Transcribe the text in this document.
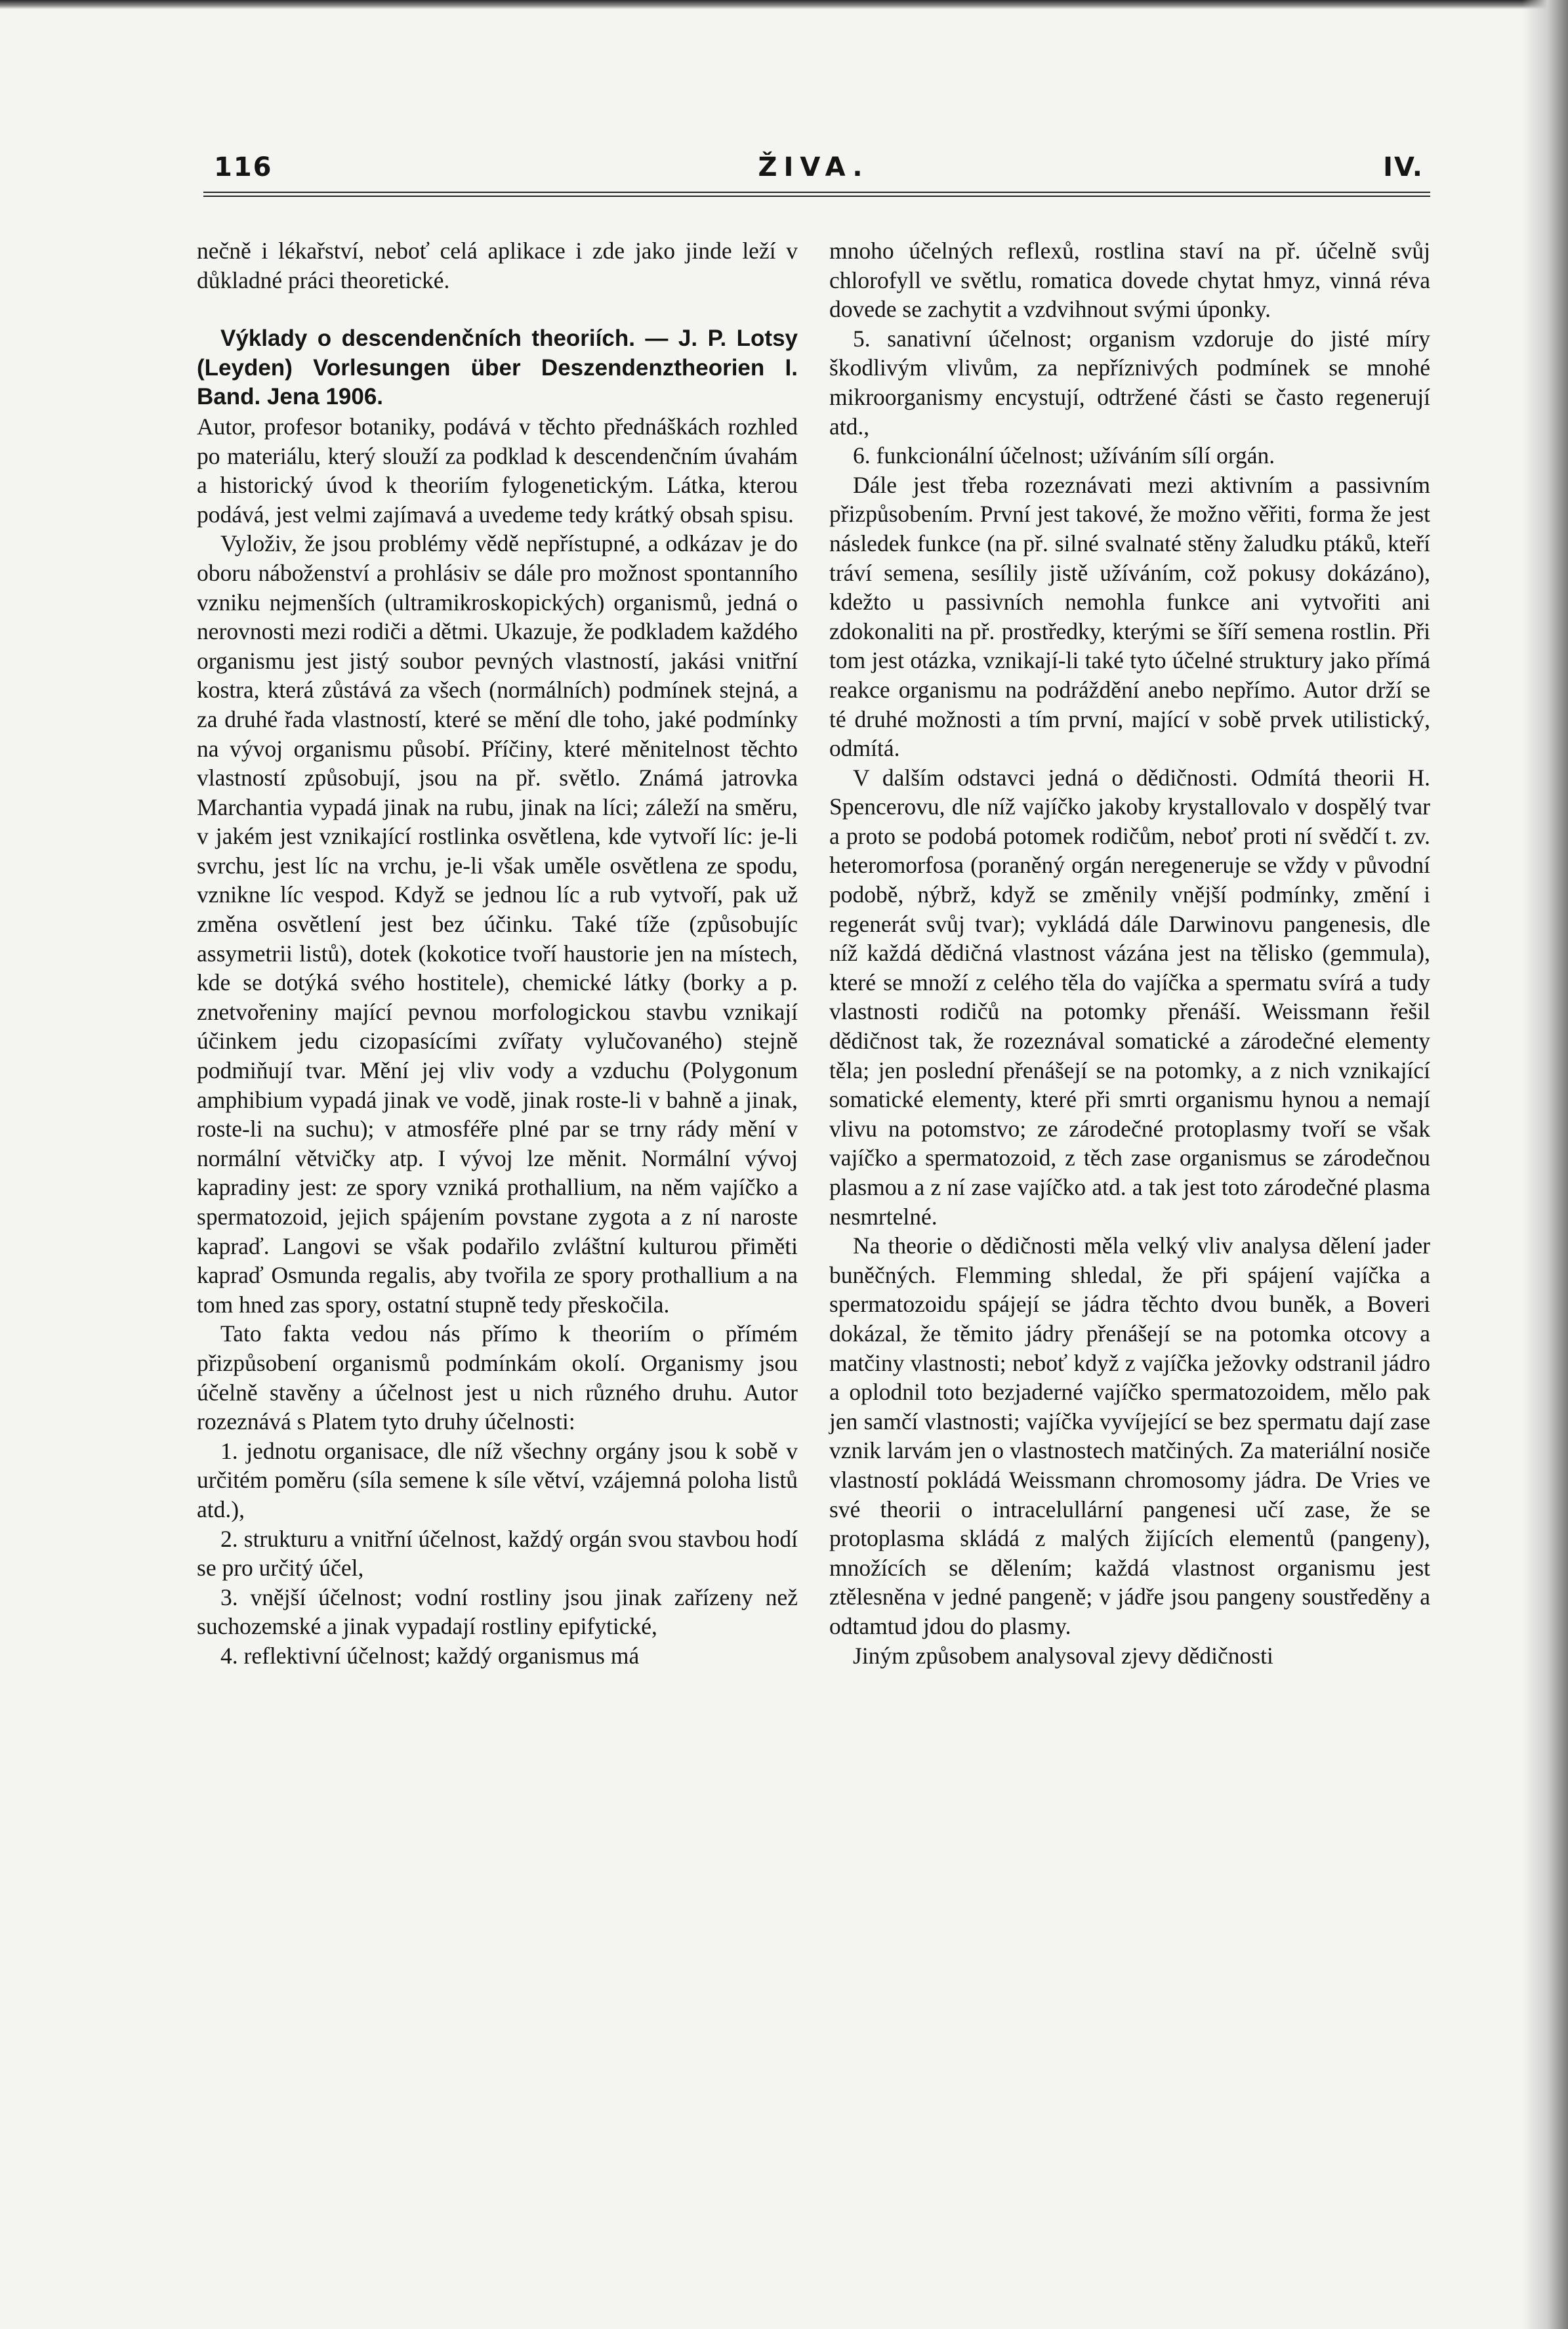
116	ŽIVA.	IV.

nečně i lékařství, neboť celá aplikace i zde jako jinde leží v důkladné práci theoretické.

Výklady o descendenčních theoriích. — J. P. Lotsy (Leyden) Vorlesungen über Deszendenztheorien I. Band. Jena 1906.

Autor, profesor botaniky, podává v těchto přednáškách rozhled po materiálu, který slouží za podklad k descendenčním úvahám a historický úvod k theoriím fylogenetickým. Látka, kterou podává, jest velmi zajímavá a uvedeme tedy krátký obsah spisu.

Vyloživ, že jsou problémy vědě nepřístupné, a odkázav je do oboru náboženství a prohlásiv se dále pro možnost spontanního vzniku nejmenších (ultramikroskopických) organismů, jedná o nerovnosti mezi rodiči a dětmi. Ukazuje, že podkladem každého organismu jest jistý soubor pevných vlastností, jakási vnitřní kostra, která zůstává za všech (normálních) podmínek stejná, a za druhé řada vlastností, které se mění dle toho, jaké podmínky na vývoj organismu působí. Příčiny, které měnitelnost těchto vlastností způsobují, jsou na př. světlo. Známá jatrovka Marchantia vypadá jinak na rubu, jinak na líci; záleží na směru, v jakém jest vznikající rostlinka osvětlena, kde vytvoří líc: je-li svrchu, jest líc na vrchu, je-li však uměle osvětlena ze spodu, vznikne líc vespod. Když se jednou líc a rub vytvoří, pak už změna osvětlení jest bez účinku. Také tíže (způsobujíc assymetrii listů), dotek (kokotice tvoří haustorie jen na místech, kde se dotýká svého hostitele), chemické látky (borky a p. znetvořeniny mající pevnou morfologickou stavbu vznikají účinkem jedu cizopasícími zvířaty vylučovaného) stejně podmiňují tvar. Mění jej vliv vody a vzduchu (Polygonum amphibium vypadá jinak ve vodě, jinak roste-li v bahně a jinak, roste-li na suchu); v atmosféře plné par se trny rády mění v normální větvičky atp. I vývoj lze měnit. Normální vývoj kapradiny jest: ze spory vzniká prothallium, na něm vajíčko a spermatozoid, jejich spájením povstane zygota a z ní naroste kapraď. Langovi se však podařilo zvláštní kulturou přiměti kapraď Osmunda regalis, aby tvořila ze spory prothallium a na tom hned zas spory, ostatní stupně tedy přeskočila.

Tato fakta vedou nás přímo k theoriím o přímém přizpůsobení organismů podmínkám okolí. Organismy jsou účelně stavěny a účelnost jest u nich různého druhu. Autor rozeznává s Platem tyto druhy účelnosti:

1. jednotu organisace, dle níž všechny orgány jsou k sobě v určitém poměru (síla semene k síle větví, vzájemná poloha listů atd.),

2. strukturu a vnitřní účelnost, každý orgán svou stavbou hodí se pro určitý účel,

3. vnější účelnost; vodní rostliny jsou jinak zařízeny než suchozemské a jinak vypadají rostliny epifytické,

4. reflektivní účelnost; každý organismus má

mnoho účelných reflexů, rostlina staví na př. účelně svůj chlorofyll ve světlu, romatica dovede chytat hmyz, vinná réva dovede se zachytit a vzdvihnout svými úponky.

5. sanativní účelnost; organism vzdoruje do jisté míry škodlivým vlivům, za nepříznivých podmínek se mnohé mikroorganismy encystují, odtržené části se často regenerují atd.,

6. funkcionální účelnost; užíváním sílí orgán.

Dále jest třeba rozeznávati mezi aktivním a passivním přizpůsobením. První jest takové, že možno věřiti, forma že jest následek funkce (na př. silné svalnaté stěny žaludku ptáků, kteří tráví semena, sesílily jistě užíváním, což pokusy dokázáno), kdežto u passivních nemohla funkce ani vytvořiti ani zdokonaliti na př. prostředky, kterými se šíří semena rostlin. Při tom jest otázka, vznikají-li také tyto účelné struktury jako přímá reakce organismu na podráždění anebo nepřímo. Autor drží se té druhé možnosti a tím první, mající v sobě prvek utilistický, odmítá.

V dalším odstavci jedná o dědičnosti. Odmítá theorii H. Spencerovu, dle níž vajíčko jakoby krystallovalo v dospělý tvar a proto se podobá potomek rodičům, neboť proti ní svědčí t. zv. heteromorfosa (poraněný orgán neregeneruje se vždy v původní podobě, nýbrž, když se změnily vnější podmínky, změní i regenerát svůj tvar); vykládá dále Darwinovu pangenesis, dle níž každá dědičná vlastnost vázána jest na tělisko (gemmula), které se množí z celého těla do vajíčka a spermatu svírá a tudy vlastnosti rodičů na potomky přenáší. Weissmann řešil dědičnost tak, že rozeznával somatické a zárodečné elementy těla; jen poslední přenášejí se na potomky, a z nich vznikající somatické elementy, které při smrti organismu hynou a nemají vlivu na potomstvo; ze zárodečné protoplasmy tvoří se však vajíčko a spermatozoid, z těch zase organismus se zárodečnou plasmou a z ní zase vajíčko atd. a tak jest toto zárodečné plasma nesmrtelné.

Na theorie o dědičnosti měla velký vliv analysa dělení jader buněčných. Flemming shledal, že při spájení vajíčka a spermatozoidu spájejí se jádra těchto dvou buněk, a Boveri dokázal, že těmito jádry přenášejí se na potomka otcovy a matčiny vlastnosti; neboť když z vajíčka ježovky odstranil jádro a oplodnil toto bezjaderné vajíčko spermatozoidem, mělo pak jen samčí vlastnosti; vajíčka vyvíjející se bez spermatu dají zase vznik larvám jen o vlastnostech matčiných. Za materiální nosiče vlastností pokládá Weissmann chromosomy jádra. De Vries ve své theorii o intracelullární pangenesi učí zase, že se protoplasma skládá z malých žijících elementů (pangeny), množících se dělením; každá vlastnost organismu jest ztělesněna v jedné pangeně; v jádře jsou pangeny soustředěny a odtamtud jdou do plasmy.

Jiným způsobem analysoval zjevy dědičnosti
